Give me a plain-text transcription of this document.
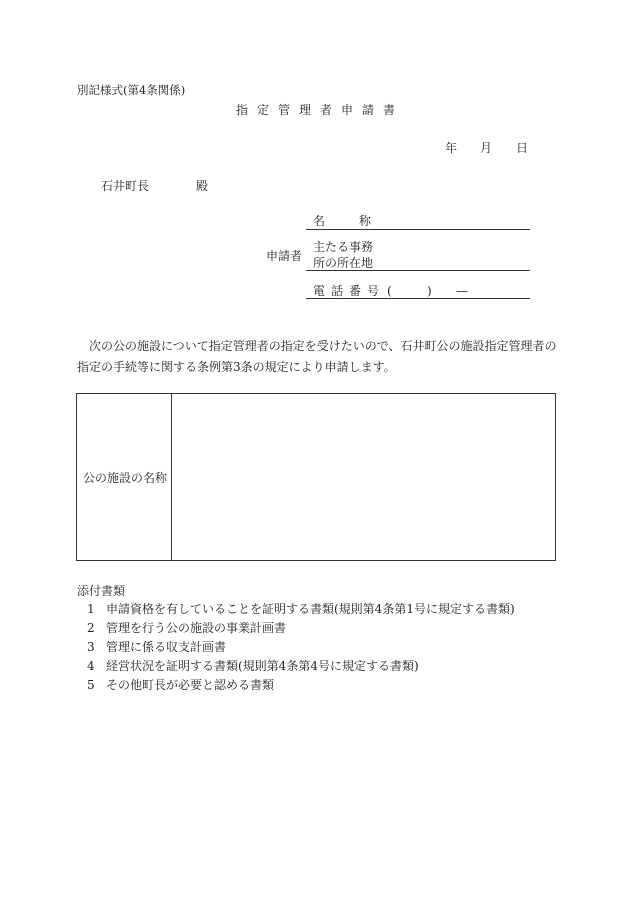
別記様式(第4条関係)
指定管理者申請書
年 月 日
石井町長	殿
申請者
名	称
主たる事務
所の所在地
電話番号 (	) —
次の公の施設について指定管理者の指定を受けたいので、石井町公の施設指定管理者の
指定の手続等に関する条例第3条の規定により申請します。
公の施設の名称
添付書類
1 申請資格を有していることを証明する書類(規則第4条第1号に規定する書類)
2 管理を行う公の施設の事業計画書
3 管理に係る収支計画書
4 経営状況を証明する書類(規則第4条第4号に規定する書類)
5 その他町長が必要と認める書類
